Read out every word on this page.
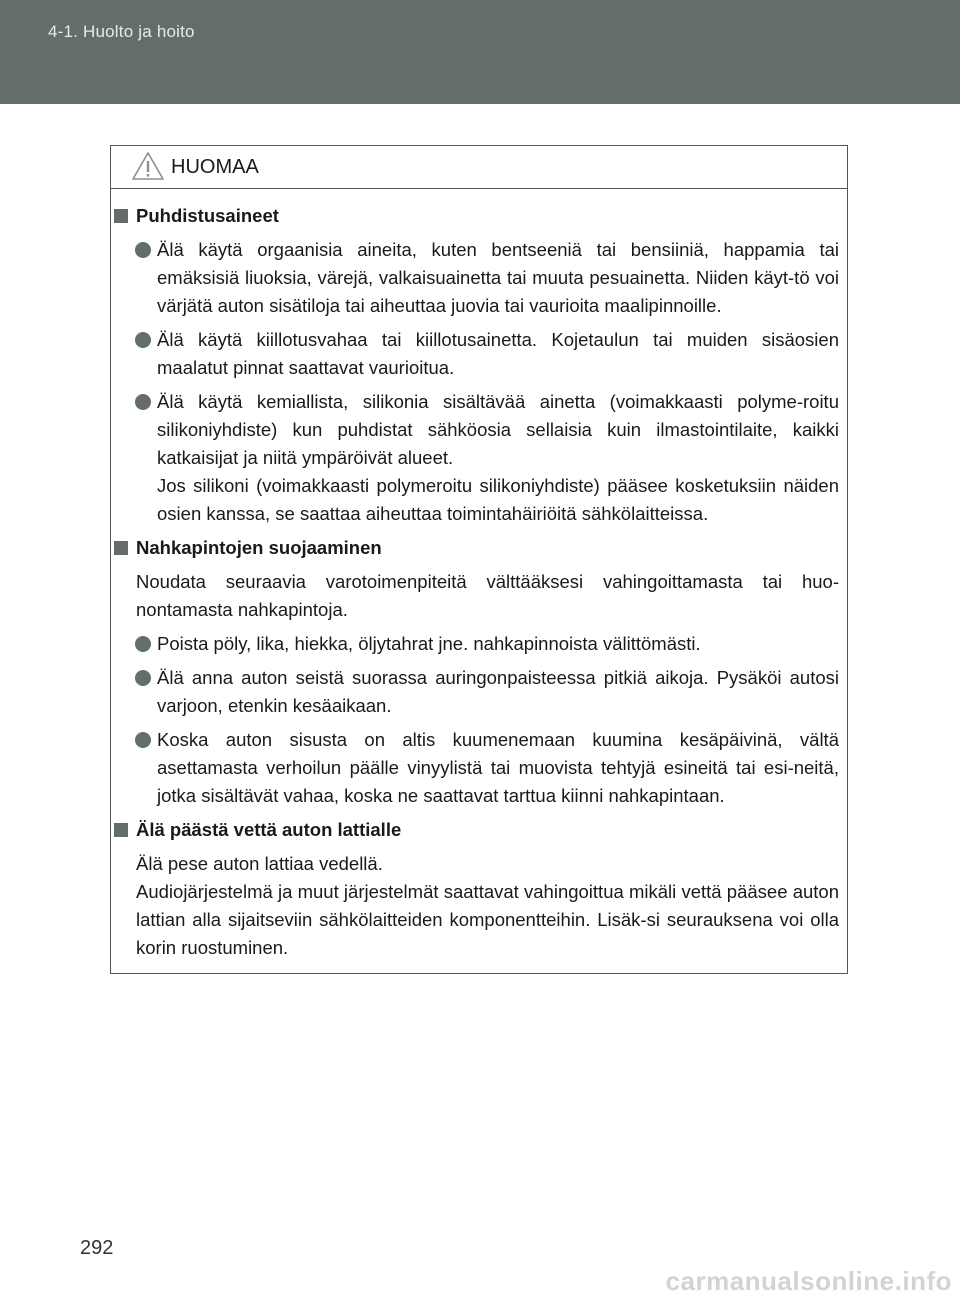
4-1. Huolto ja hoito
HUOMAA
Puhdistusaineet
Älä käytä orgaanisia aineita, kuten bentseeniä tai bensiiniä, happamia tai emäksisiä liuoksia, värejä, valkaisuainetta tai muuta pesuainetta. Niiden käyt-tö voi värjätä auton sisätiloja tai aiheuttaa juovia tai vaurioita maalipinnoille.
Älä käytä kiillotusvahaa tai kiillotusainetta. Kojetaulun tai muiden sisäosien maalatut pinnat saattavat vaurioitua.
Älä käytä kemiallista, silikonia sisältävää ainetta (voimakkaasti polyme-roitu silikoniyhdiste) kun puhdistat sähköosia sellaisia kuin ilmastointilaite, kaikki katkaisijat ja niitä ympäröivät alueet.
Jos silikoni (voimakkaasti polymeroitu silikoniyhdiste) pääsee kosketuksiin näiden osien kanssa, se saattaa aiheuttaa toimintahäiriöitä sähkölaitteissa.
Nahkapintojen suojaaminen
Noudata seuraavia varotoimenpiteitä välttääksesi vahingoittamasta tai huo-nontamasta nahkapintoja.
Poista pöly, lika, hiekka, öljytahrat jne. nahkapinnoista välittömästi.
Älä anna auton seistä suorassa auringonpaisteessa pitkiä aikoja. Pysäköi autosi varjoon, etenkin kesäaikaan.
Koska auton sisusta on altis kuumenemaan kuumina kesäpäivinä, vältä asettamasta verhoilun päälle vinyylistä tai muovista tehtyjä esineitä tai esi-neitä, jotka sisältävät vahaa, koska ne saattavat tarttua kiinni nahkapintaan.
Älä päästä vettä auton lattialle
Älä pese auton lattiaa vedellä.
Audiojärjestelmä ja muut järjestelmät saattavat vahingoittua mikäli vettä pääsee auton lattian alla sijaitseviin sähkölaitteiden komponentteihin. Lisäk-si seurauksena voi olla korin ruostuminen.
292
carmanualsonline.info
